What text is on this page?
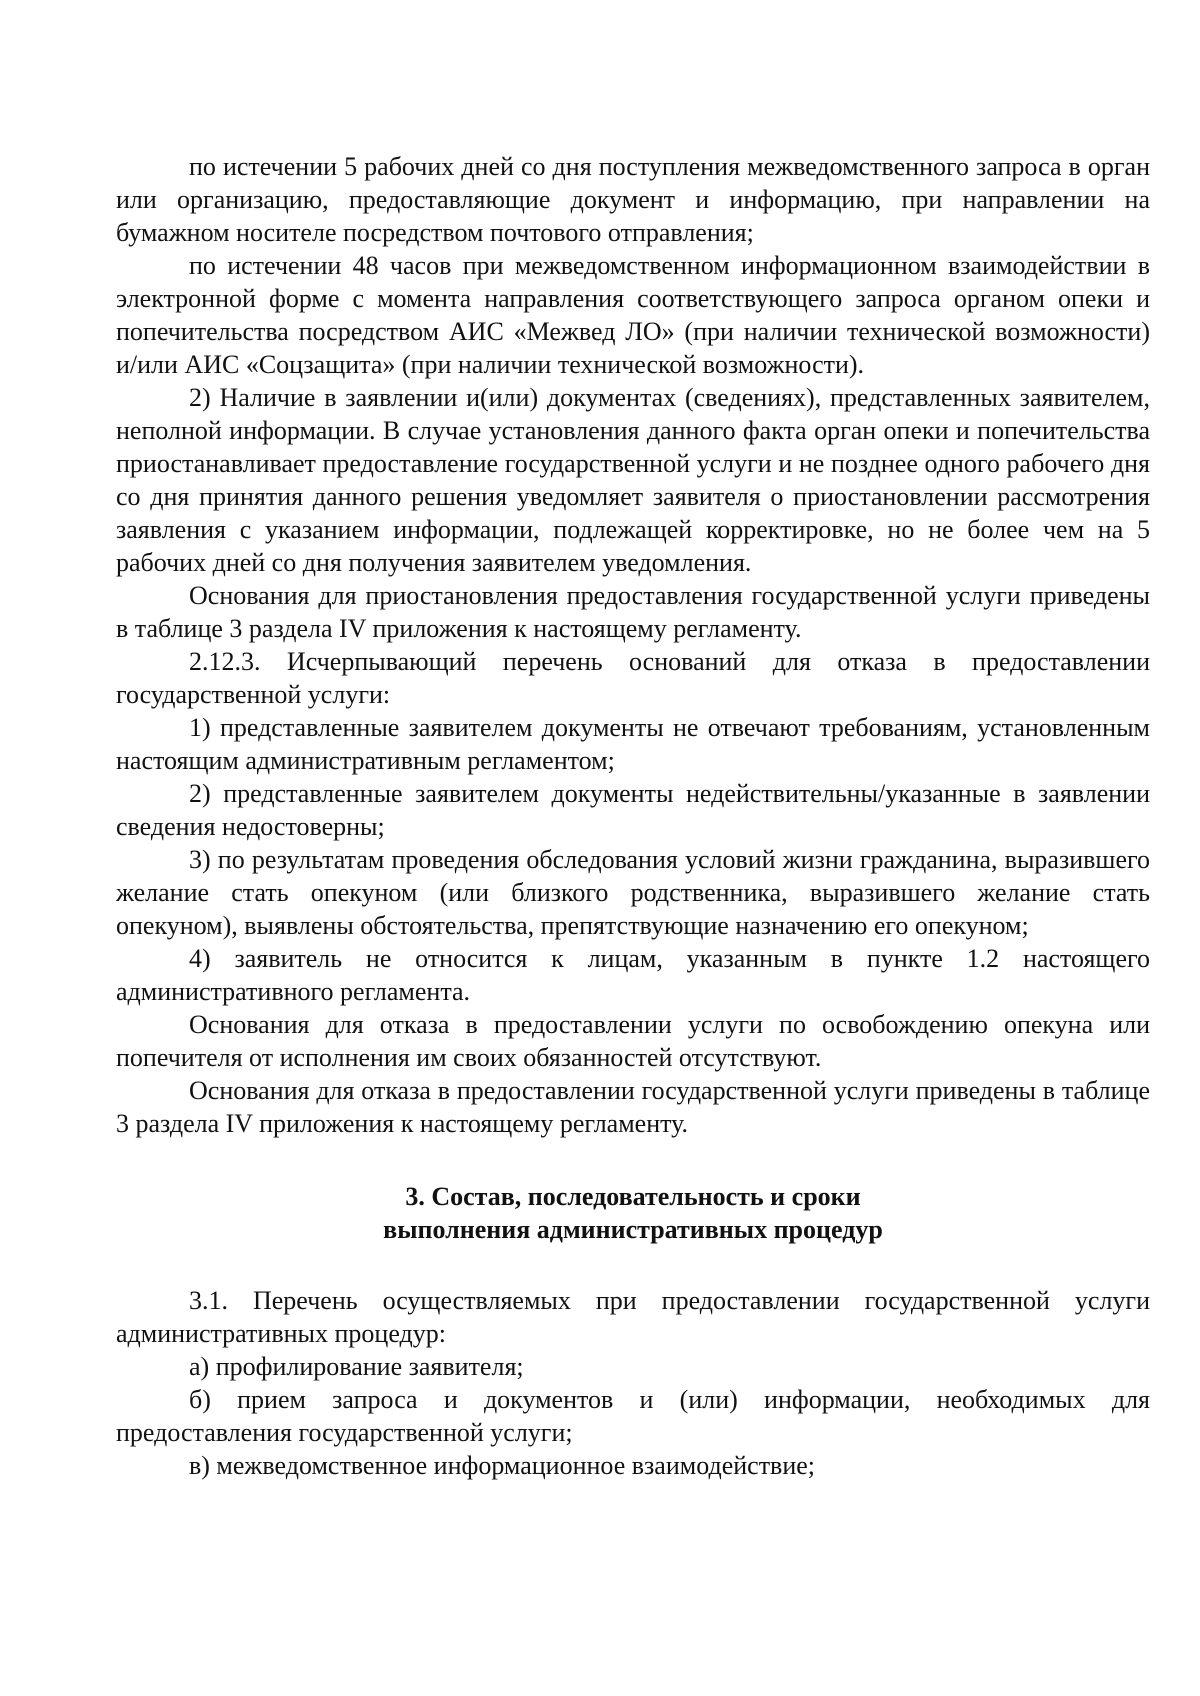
по истечении 5 рабочих дней со дня поступления межведомственного запроса в орган или организацию, предоставляющие документ и информацию, при направлении на бумажном носителе посредством почтового отправления;

по истечении 48 часов при межведомственном информационном взаимодействии в электронной форме с момента направления соответствующего запроса органом опеки и попечительства посредством АИС «Межвед ЛО» (при наличии технической возможности) и/или АИС «Соцзащита» (при наличии технической возможности).

2) Наличие в заявлении и(или) документах (сведениях), представленных заявителем, неполной информации. В случае установления данного факта орган опеки и попечительства приостанавливает предоставление государственной услуги и не позднее одного рабочего дня со дня принятия данного решения уведомляет заявителя о приостановлении рассмотрения заявления с указанием информации, подлежащей корректировке, но не более чем на 5 рабочих дней со дня получения заявителем уведомления.

Основания для приостановления предоставления государственной услуги приведены в таблице 3 раздела IV приложения к настоящему регламенту.

2.12.3. Исчерпывающий перечень оснований для отказа в предоставлении государственной услуги:

1) представленные заявителем документы не отвечают требованиям, установленным настоящим административным регламентом;

2) представленные заявителем документы недействительны/указанные в заявлении сведения недостоверны;

3) по результатам проведения обследования условий жизни гражданина, выразившего желание стать опекуном (или близкого родственника, выразившего желание стать опекуном), выявлены обстоятельства, препятствующие назначению его опекуном;

4) заявитель не относится к лицам, указанным в пункте 1.2 настоящего административного регламента.

Основания для отказа в предоставлении услуги по освобождению опекуна или попечителя от исполнения им своих обязанностей отсутствуют.

Основания для отказа в предоставлении государственной услуги приведены в таблице 3 раздела IV приложения к настоящему регламенту.

3. Состав, последовательность и сроки
выполнения административных процедур

3.1. Перечень осуществляемых при предоставлении государственной услуги административных процедур:

а) профилирование заявителя;

б) прием запроса и документов и (или) информации, необходимых для предоставления государственной услуги;

в) межведомственное информационное взаимодействие;
